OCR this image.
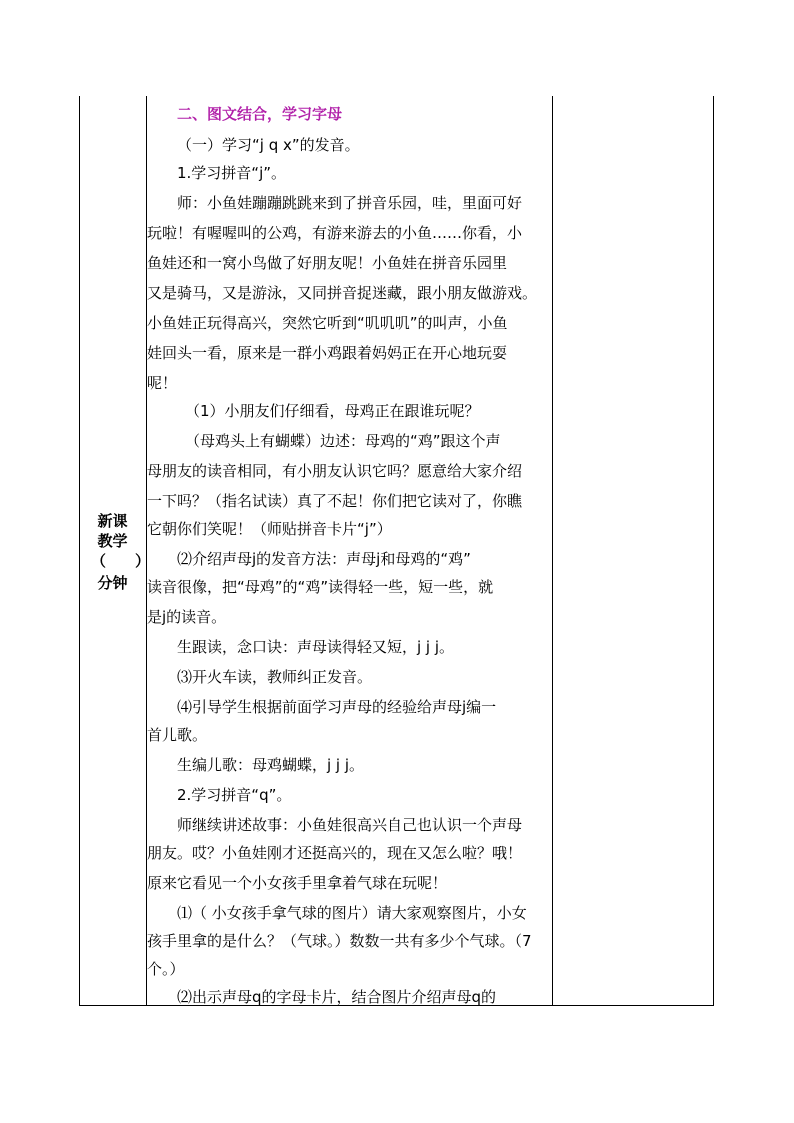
新课
教学
（ ）
分钟
二、图文结合，学习字母
（一）学习“j q x”的发音。
1.学习拼音“j”。
师：小鱼娃蹦蹦跳跳来到了拼音乐园，哇，里面可好
玩啦！有喔喔叫的公鸡，有游来游去的小鱼……你看，小
鱼娃还和一窝小鸟做了好朋友呢！小鱼娃在拼音乐园里
又是骑马，又是游泳，又同拼音捉迷藏，跟小朋友做游戏。
小鱼娃正玩得高兴，突然它听到“叽叽叽”的叫声，小鱼
娃回头一看，原来是一群小鸡跟着妈妈正在开心地玩耍
呢！
（1）小朋友们仔细看，母鸡正在跟谁玩呢？
（母鸡头上有蝴蝶）边述：母鸡的“鸡”跟这个声
母朋友的读音相同，有小朋友认识它吗？愿意给大家介绍
一下吗？（指名试读）真了不起！你们把它读对了，你瞧
它朝你们笑呢！（师贴拼音卡片“j”）
⑵介绍声母j的发音方法：声母j和母鸡的“鸡”
读音很像，把“母鸡”的“鸡”读得轻一些，短一些，就
是j的读音。
生跟读，念口诀：声母读得轻又短，j j j。
⑶开火车读，教师纠正发音。
⑷引导学生根据前面学习声母的经验给声母j编一
首儿歌。
生编儿歌：母鸡蝴蝶，j j j。
2.学习拼音“q”。
师继续讲述故事：小鱼娃很高兴自己也认识一个声母
朋友。哎？小鱼娃刚才还挺高兴的，现在又怎么啦？哦！
原来它看见一个小女孩手里拿着气球在玩呢！
⑴（ 小女孩手拿气球的图片）请大家观察图片，小女
孩手里拿的是什么？（气球。）数数一共有多少个气球。（7
个。）
⑵出示声母q的字母卡片，结合图片介绍声母q的
